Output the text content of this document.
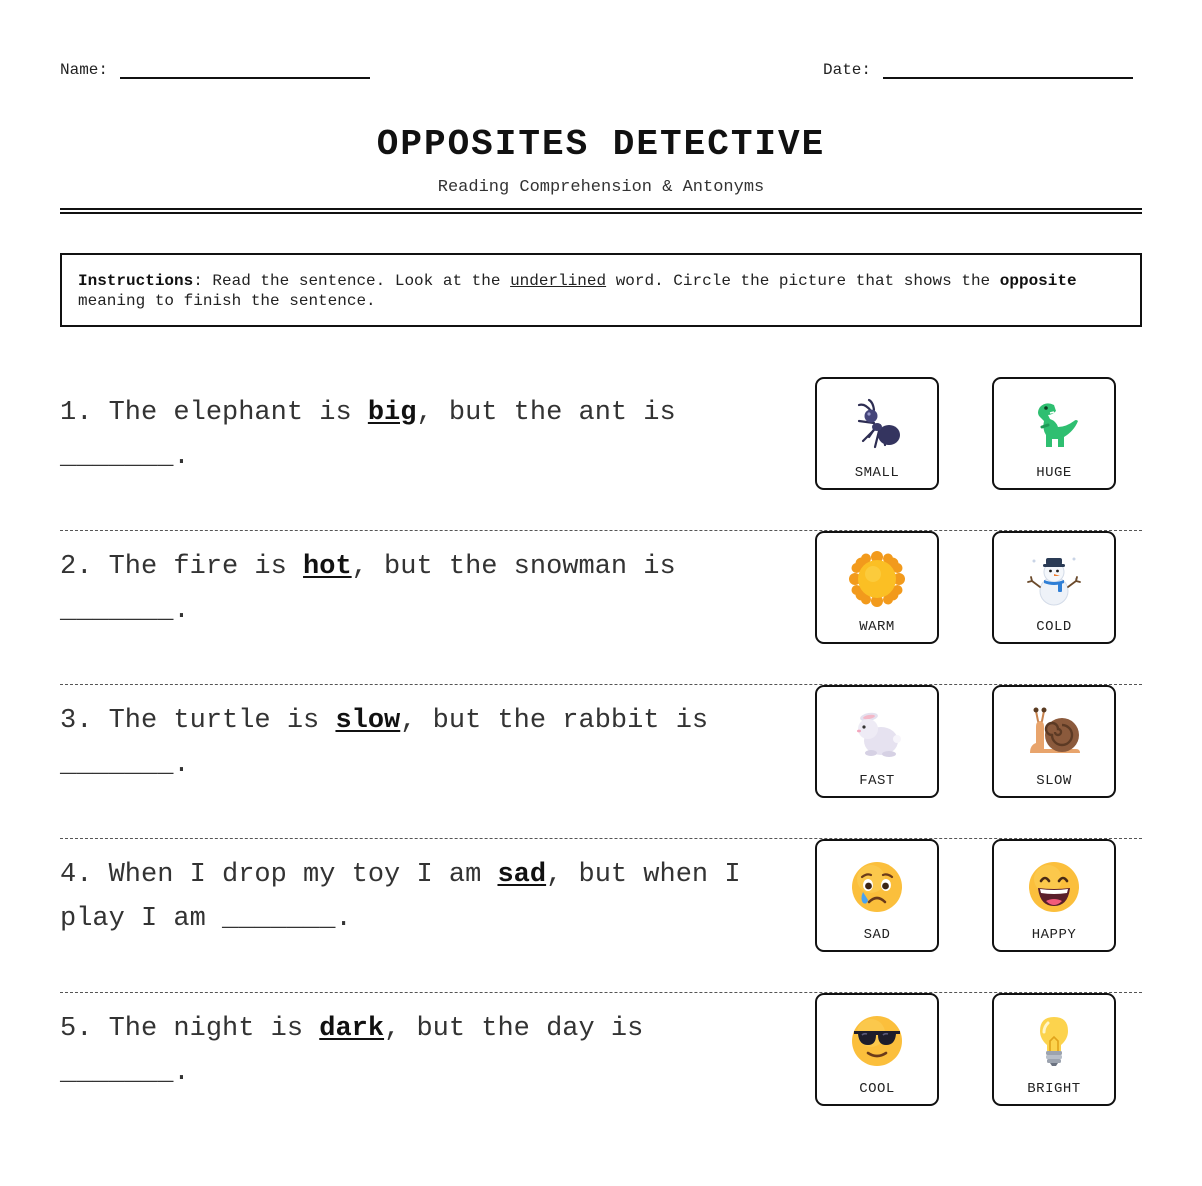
Name:	Date:
OPPOSITES DETECTIVE
Reading Comprehension & Antonyms
Instructions: Read the sentence. Look at the underlined word. Circle the picture that shows the opposite meaning to finish the sentence.
1. The elephant is big, but the ant is _______.
SMALL	HUGE
2. The fire is hot, but the snowman is _______.
WARM	COLD
3. The turtle is slow, but the rabbit is _______.
FAST	SLOW
4. When I drop my toy I am sad, but when I play I am _______.
SAD	HAPPY
5. The night is dark, but the day is _______.
COOL	BRIGHT
